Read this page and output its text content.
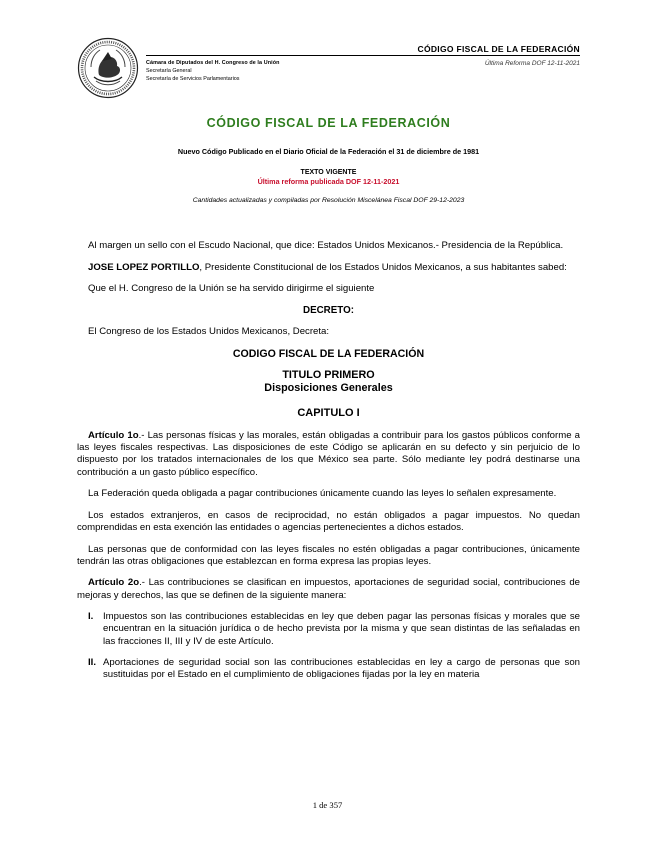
Cámara de Diputados del H. Congreso de la Unión
Secretaría General
Secretaría de Servicios Parlamentarios
CÓDIGO FISCAL DE LA FEDERACIÓN
Última Reforma DOF 12-11-2021
CÓDIGO FISCAL DE LA FEDERACIÓN
Nuevo Código Publicado en el Diario Oficial de la Federación el 31 de diciembre de 1981
TEXTO VIGENTE
Última reforma publicada DOF 12-11-2021
Cantidades actualizadas y compiladas por Resolución Miscelánea Fiscal DOF 29-12-2023

Al margen un sello con el Escudo Nacional, que dice: Estados Unidos Mexicanos.- Presidencia de la República.

JOSE LOPEZ PORTILLO, Presidente Constitucional de los Estados Unidos Mexicanos, a sus habitantes sabed:

Que el H. Congreso de la Unión se ha servido dirigirme el siguiente

DECRETO:

El Congreso de los Estados Unidos Mexicanos, Decreta:

CODIGO FISCAL DE LA FEDERACIÓN

TITULO PRIMERO
Disposiciones Generales

CAPITULO I

Artículo 1o.- Las personas físicas y las morales, están obligadas a contribuir para los gastos públicos conforme a las leyes fiscales respectivas. Las disposiciones de este Código se aplicarán en su defecto y sin perjuicio de lo dispuesto por los tratados internacionales de los que México sea parte. Sólo mediante ley podrá destinarse una contribución a un gasto público específico.

La Federación queda obligada a pagar contribuciones únicamente cuando las leyes lo señalen expresamente.

Los estados extranjeros, en casos de reciprocidad, no están obligados a pagar impuestos. No quedan comprendidas en esta exención las entidades o agencias pertenecientes a dichos estados.

Las personas que de conformidad con las leyes fiscales no estén obligadas a pagar contribuciones, únicamente tendrán las otras obligaciones que establezcan en forma expresa las propias leyes.

Artículo 2o.- Las contribuciones se clasifican en impuestos, aportaciones de seguridad social, contribuciones de mejoras y derechos, las que se definen de la siguiente manera:

I. Impuestos son las contribuciones establecidas en ley que deben pagar las personas físicas y morales que se encuentran en la situación jurídica o de hecho prevista por la misma y que sean distintas de las señaladas en las fracciones II, III y IV de este Artículo.
II. Aportaciones de seguridad social son las contribuciones establecidas en ley a cargo de personas que son sustituidas por el Estado en el cumplimiento de obligaciones fijadas por la ley en materia
1 de 357
